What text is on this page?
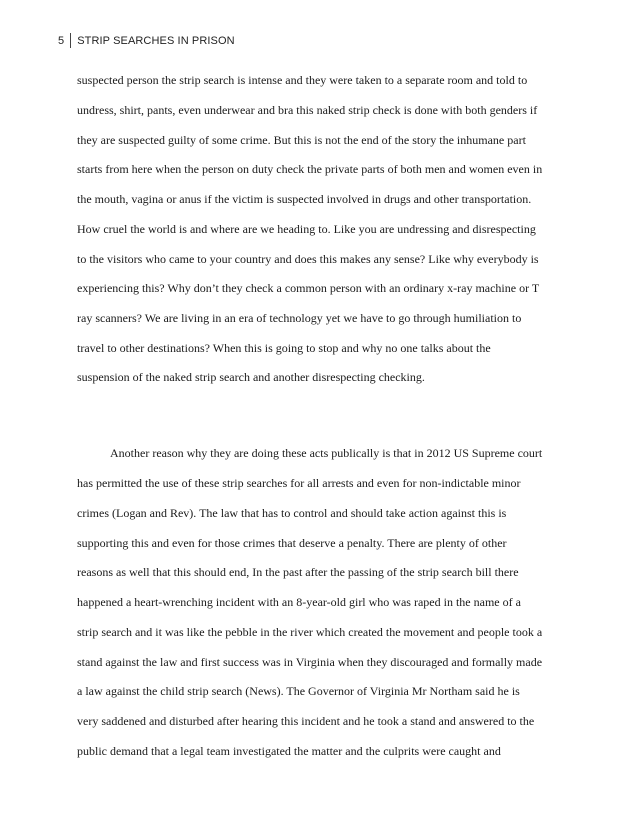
5 STRIP SEARCHES IN PRISON
suspected person the strip search is intense and they were taken to a separate room and told to
undress, shirt, pants, even underwear and bra this naked strip check is done with both genders if
they are suspected guilty of some crime. But this is not the end of the story the inhumane part
starts from here when the person on duty check the private parts of both men and women even in
the mouth, vagina or anus if the victim is suspected involved in drugs and other transportation.
How cruel the world is and where are we heading to. Like you are undressing and disrespecting
to the visitors who came to your country and does this makes any sense? Like why everybody is
experiencing this? Why don’t they check a common person with an ordinary x-ray machine or T
ray scanners? We are living in an era of technology yet we have to go through humiliation to
travel to other destinations? When this is going to stop and why no one talks about the
suspension of the naked strip search and another disrespecting checking.
Another reason why they are doing these acts publically is that in 2012 US Supreme court
has permitted the use of these strip searches for all arrests and even for non-indictable minor
crimes (Logan and Rev). The law that has to control and should take action against this is
supporting this and even for those crimes that deserve a penalty. There are plenty of other
reasons as well that this should end, In the past after the passing of the strip search bill there
happened a heart-wrenching incident with an 8-year-old girl who was raped in the name of a
strip search and it was like the pebble in the river which created the movement and people took a
stand against the law and first success was in Virginia when they discouraged and formally made
a law against the child strip search (News). The Governor of Virginia Mr Northam said he is
very saddened and disturbed after hearing this incident and he took a stand and answered to the
public demand that a legal team investigated the matter and the culprits were caught and
